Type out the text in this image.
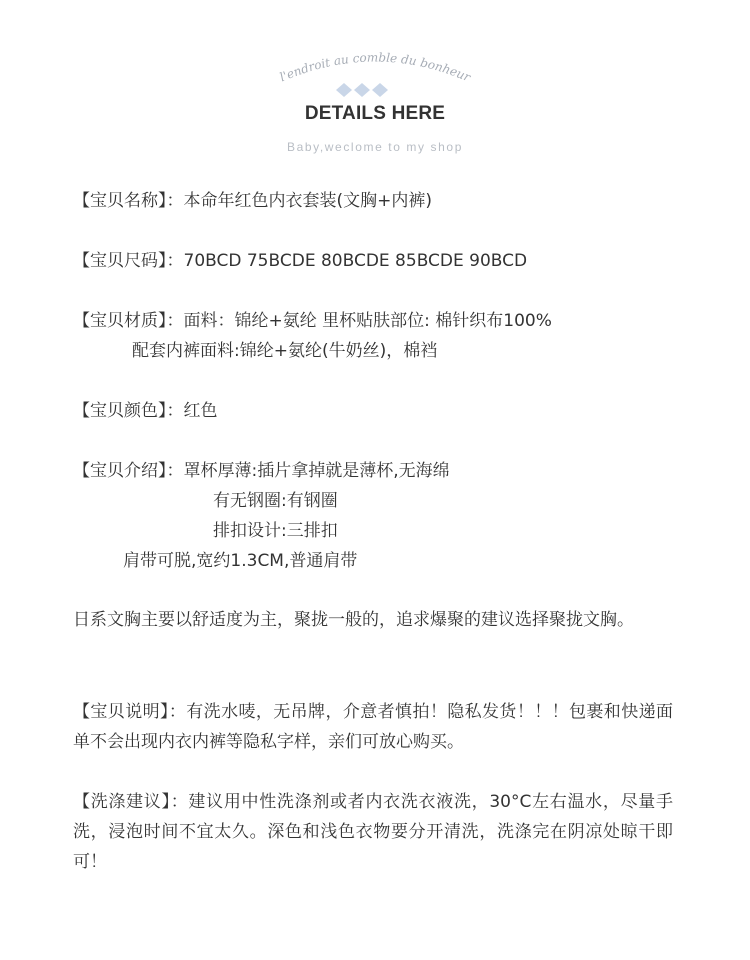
l'endroit au comble du bonheur
DETAILS HERE
Baby,weclome to my shop
【宝贝名称】：本命年红色内衣套装(文胸+内裤)
【宝贝尺码】：70BCD 75BCDE 80BCDE 85BCDE 90BCD
【宝贝材质】：面料：锦纶+氨纶 里杯贴肤部位: 棉针织布100%
配套内裤面料:锦纶+氨纶(牛奶丝)，棉裆
【宝贝颜色】：红色
【宝贝介绍】：罩杯厚薄:插片拿掉就是薄杯,无海绵
有无钢圈:有钢圈
排扣设计:三排扣
肩带可脱,宽约1.3CM,普通肩带
日系文胸主要以舒适度为主，聚拢一般的，追求爆聚的建议选择聚拢文胸。
【宝贝说明】：有洗水唛，无吊牌，介意者慎拍！隐私发货！！！包裹和快递面单不会出现内衣内裤等隐私字样，亲们可放心购买。
【洗涤建议】：建议用中性洗涤剂或者内衣洗衣液洗，30°C左右温水，尽量手洗，浸泡时间不宜太久。深色和浅色衣物要分开清洗，洗涤完在阴凉处晾干即可！
